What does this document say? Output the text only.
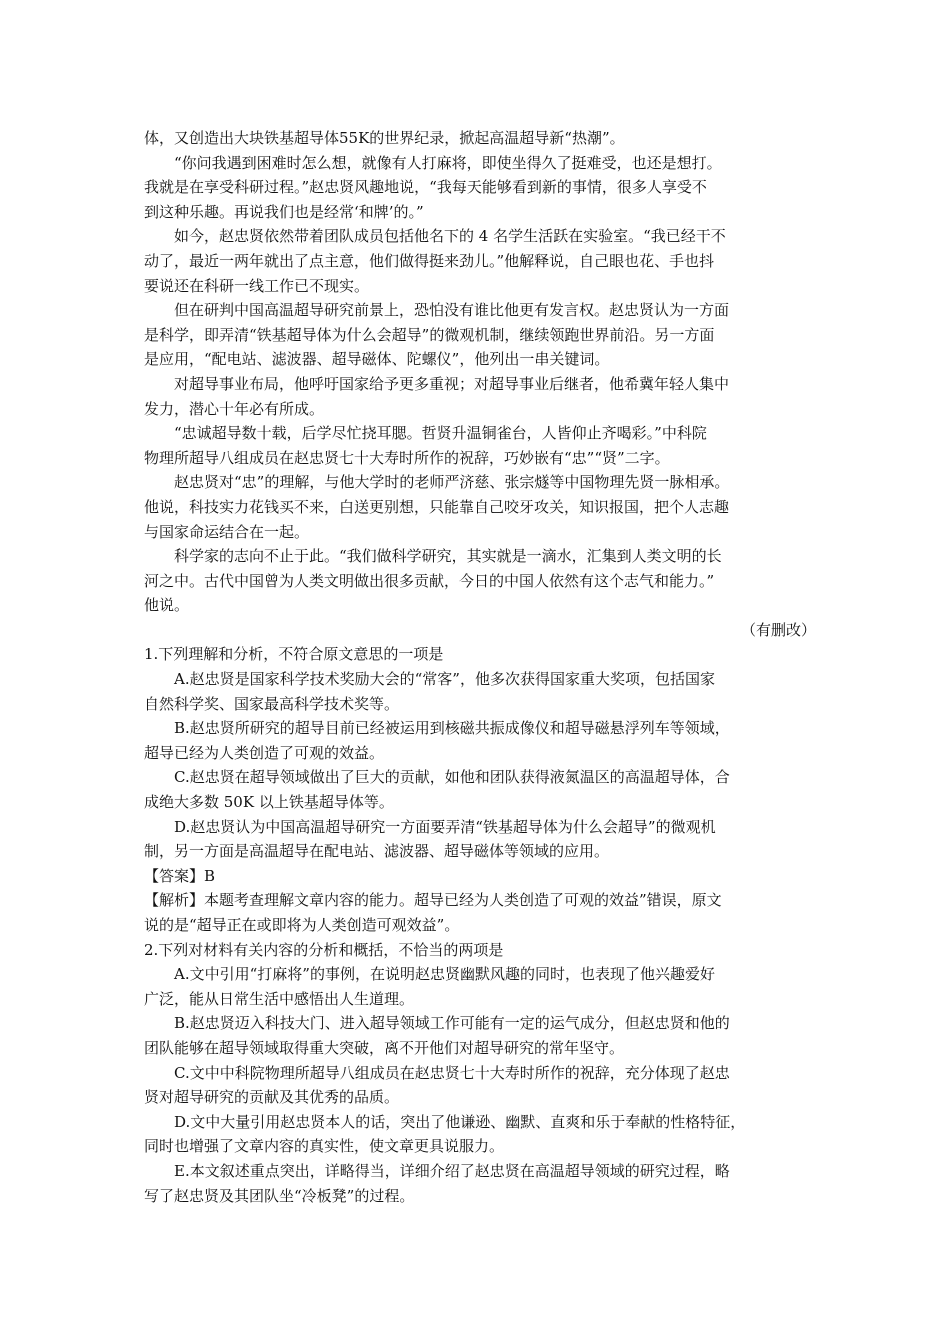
体，又创造出大块铁基超导体55K的世界纪录，掀起高温超导新“热潮”。
“你问我遇到困难时怎么想，就像有人打麻将，即使坐得久了挺难受，也还是想打。
我就是在享受科研过程。”赵忠贤风趣地说，“我每天能够看到新的事情，很多人享受不
到这种乐趣。再说我们也是经常‘和牌’的。”
如今，赵忠贤依然带着团队成员包括他名下的 4 名学生活跃在实验室。“我已经干不
动了，最近一两年就出了点主意，他们做得挺来劲儿。”他解释说，自己眼也花、手也抖
要说还在科研一线工作已不现实。
但在研判中国高温超导研究前景上，恐怕没有谁比他更有发言权。赵忠贤认为一方面
是科学，即弄清“铁基超导体为什么会超导”的微观机制，继续领跑世界前沿。另一方面
是应用，“配电站、滤波器、超导磁体、陀螺仪”，他列出一串关键词。
对超导事业布局，他呼吁国家给予更多重视；对超导事业后继者，他希冀年轻人集中
发力，潜心十年必有所成。
“忠诚超导数十载，后学尽忙挠耳腮。哲贤升温铜雀台，人皆仰止齐喝彩。”中科院
物理所超导八组成员在赵忠贤七十大寿时所作的祝辞，巧妙嵌有“忠”“贤”二字。
赵忠贤对“忠”的理解，与他大学时的老师严济慈、张宗燧等中国物理先贤一脉相承。
他说，科技实力花钱买不来，白送更别想，只能靠自己咬牙攻关，知识报国，把个人志趣
与国家命运结合在一起。
科学家的志向不止于此。“我们做科学研究，其实就是一滴水，汇集到人类文明的长
河之中。古代中国曾为人类文明做出很多贡献，今日的中国人依然有这个志气和能力。”
他说。
（有删改）
1.下列理解和分析，不符合原文意思的一项是
A.赵忠贤是国家科学技术奖励大会的“常客”，他多次获得国家重大奖项，包括国家
自然科学奖、国家最高科学技术奖等。
B.赵忠贤所研究的超导目前已经被运用到核磁共振成像仪和超导磁悬浮列车等领域，
超导已经为人类创造了可观的效益。
C.赵忠贤在超导领域做出了巨大的贡献，如他和团队获得液氮温区的高温超导体，合
成绝大多数 50K 以上铁基超导体等。
D.赵忠贤认为中国高温超导研究一方面要弄清“铁基超导体为什么会超导”的微观机
制，另一方面是高温超导在配电站、滤波器、超导磁体等领域的应用。
【答案】B
【解析】本题考查理解文章内容的能力。超导已经为人类创造了可观的效益”错误，原文
说的是“超导正在或即将为人类创造可观效益”。
2.下列对材料有关内容的分析和概括，不恰当的两项是
A.文中引用“打麻将”的事例，在说明赵忠贤幽默风趣的同时，也表现了他兴趣爱好
广泛，能从日常生活中感悟出人生道理。
B.赵忠贤迈入科技大门、进入超导领域工作可能有一定的运气成分，但赵忠贤和他的
团队能够在超导领域取得重大突破，离不开他们对超导研究的常年坚守。
C.文中中科院物理所超导八组成员在赵忠贤七十大寿时所作的祝辞，充分体现了赵忠
贤对超导研究的贡献及其优秀的品质。
D.文中大量引用赵忠贤本人的话，突出了他谦逊、幽默、直爽和乐于奉献的性格特征，
同时也增强了文章内容的真实性，使文章更具说服力。
E.本文叙述重点突出，详略得当，详细介绍了赵忠贤在高温超导领域的研究过程，略
写了赵忠贤及其团队坐“冷板凳”的过程。
